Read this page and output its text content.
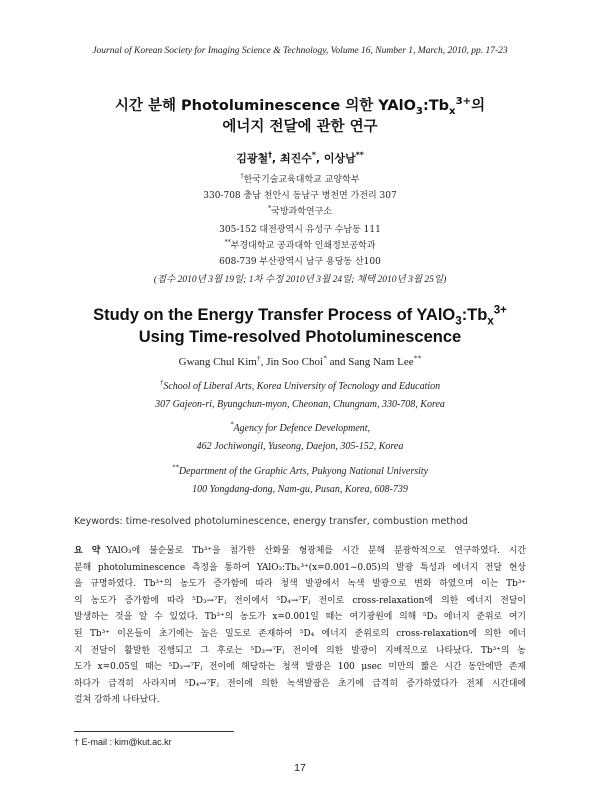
Journal of Korean Society for Imaging Science & Technology, Volume 16, Number 1, March, 2010, pp. 17-23
시간 분해 Photoluminescence 의한 $YAlO_3:Tb_x^{3+}$의
에너지 전달에 관한 연구
김광철†, 최진수*, 이상남**
†한국기술교육대학교 교양학부
330-708 충남 천안시 동남구 병천면 가전리 307
*국방과학연구소
305-152 대전광역시 유성구 수남동 111
**부경대학교 공과대학 인쇄정보공학과
608-739 부산광역시 남구 용당동 산100
(접수 2010년 3월 19일; 1차 수정 2010년 3월 24일; 채택 2010년 3월 25일)
Study on the Energy Transfer Process of $YAlO_3:Tb_x^{3+}$
Using Time-resolved Photoluminescence
Gwang Chul Kim†, Jin Soo Choi* and Sang Nam Lee**
†School of Liberal Arts, Korea University of Tecnology and Education
307 Gajeon-ri, Byungchun-myon, Cheonan, Chungnam, 330-708, Korea
*Agency for Defence Development,
462 Jochiwongil, Yuseong, Daejon, 305-152, Korea
**Department of the Graphic Arts, Pukyong National University
100 Yongdang-dong, Nam-gu, Pusan, Korea, 608-739
Keywords: time-resolved photoluminescence, energy transfer, combustion method
요 약 YAlO₃에 불순물로 Tb³⁺을 첨가한 산화물 형광체를 시간 분해 분광학적으로 연구하였다. 시간
분해 photoluminescence 측정을 통하여 YAlO₃:Tbₓ³⁺(x=0.001∼0.05)의 발광 특성과 에너지 전달 현상
을 규명하였다. Tb³⁺의 농도가 증가함에 따라 청색 발광에서 녹색 발광으로 변화 하였으며 이는 Tb³⁺
의 농도가 증가함에 따라 ⁵D₃→⁷Fⱼ 전이에서 ⁵D₄→⁷Fⱼ 전이로 cross-relaxation에 의한 에너지 전달이
발생하는 것을 알 수 있었다. Tb³⁺의 농도가 x=0.001일 때는 여기광원에 의해 ⁵D₃ 에너지 준위로 여기
된 Tb³⁺ 이온들이 초기에는 높은 밀도로 존재하여 ⁵D₄ 에너지 준위로의 cross-relaxation에 의한 에너
지 전달이 활발한 진행되고 그 후로는 ⁵D₃→⁷Fⱼ 전이에 의한 발광이 지배적으로 나타났다. Tb³⁺의 농
도가 x=0.05일 때는 ⁵D₃→⁷Fⱼ 전이에 해당하는 청색 발광은 100 μsec 미만의 짧은 시간 동안에만 존재
하다가 급격히 사라지며 ⁵D₄→⁷Fⱼ 전이에 의한 녹색발광은 초기에 급격히 증가하였다가 전체 시간대에
걸쳐 강하게 나타났다.
† E-mail : kim@kut.ac.kr
17
